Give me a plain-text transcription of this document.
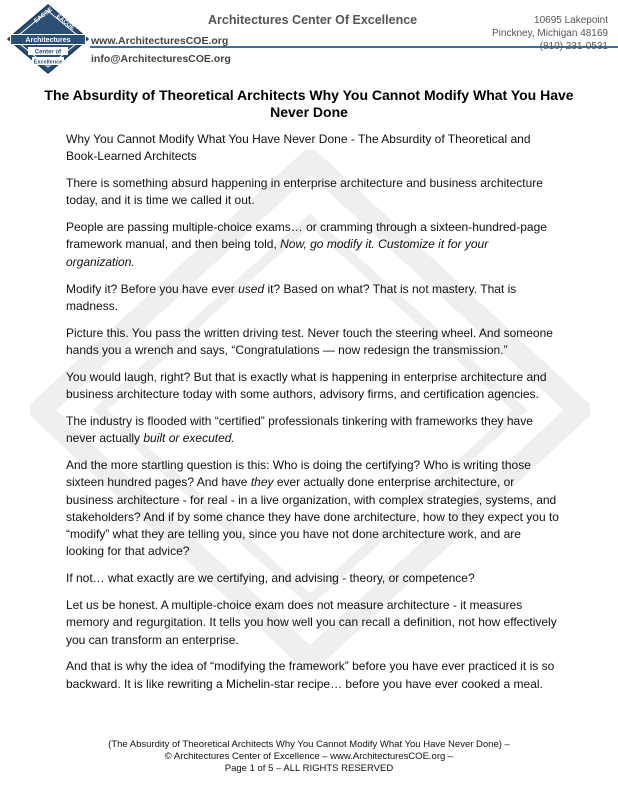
EACOE EACOE
Architectures
Center of
Excellence
Architectures Center Of Excellence
www.ArchitecturesCOE.org
info@ArchitecturesCOE.org
10695 Lakepoint
Pinckney, Michigan 48169
(810) 231-0531
The Absurdity of Theoretical Architects Why You Cannot Modify What You Have Never Done

Why You Cannot Modify What You Have Never Done - The Absurdity of Theoretical and Book-Learned Architects

There is something absurd happening in enterprise architecture and business architecture today, and it is time we called it out.

People are passing multiple-choice exams… or cramming through a sixteen-hundred-page framework manual, and then being told, Now, go modify it. Customize it for your organization.

Modify it? Before you have ever used it? Based on what? That is not mastery. That is madness.

Picture this. You pass the written driving test. Never touch the steering wheel. And someone hands you a wrench and says, “Congratulations — now redesign the transmission.”

You would laugh, right? But that is exactly what is happening in enterprise architecture and business architecture today with some authors, advisory firms, and certification agencies.

The industry is flooded with “certified” professionals tinkering with frameworks they have never actually built or executed.

And the more startling question is this: Who is doing the certifying? Who is writing those sixteen hundred pages? And have they ever actually done enterprise architecture, or business architecture - for real - in a live organization, with complex strategies, systems, and stakeholders? And if by some chance they have done architecture, how to they expect you to “modify” what they are telling you, since you have not done architecture work, and are looking for that advice?

If not… what exactly are we certifying, and advising - theory, or competence?

Let us be honest. A multiple-choice exam does not measure architecture - it measures memory and regurgitation. It tells you how well you can recall a definition, not how effectively you can transform an enterprise.

And that is why the idea of “modifying the framework” before you have ever practiced it is so backward. It is like rewriting a Michelin-star recipe… before you have ever cooked a meal.

(The Absurdity of Theoretical Architects Why You Cannot Modify What You Have Never Done) –
© Architectures Center of Excellence – www.ArchitecturesCOE.org –
Page 1 of 5 – ALL RIGHTS RESERVED
